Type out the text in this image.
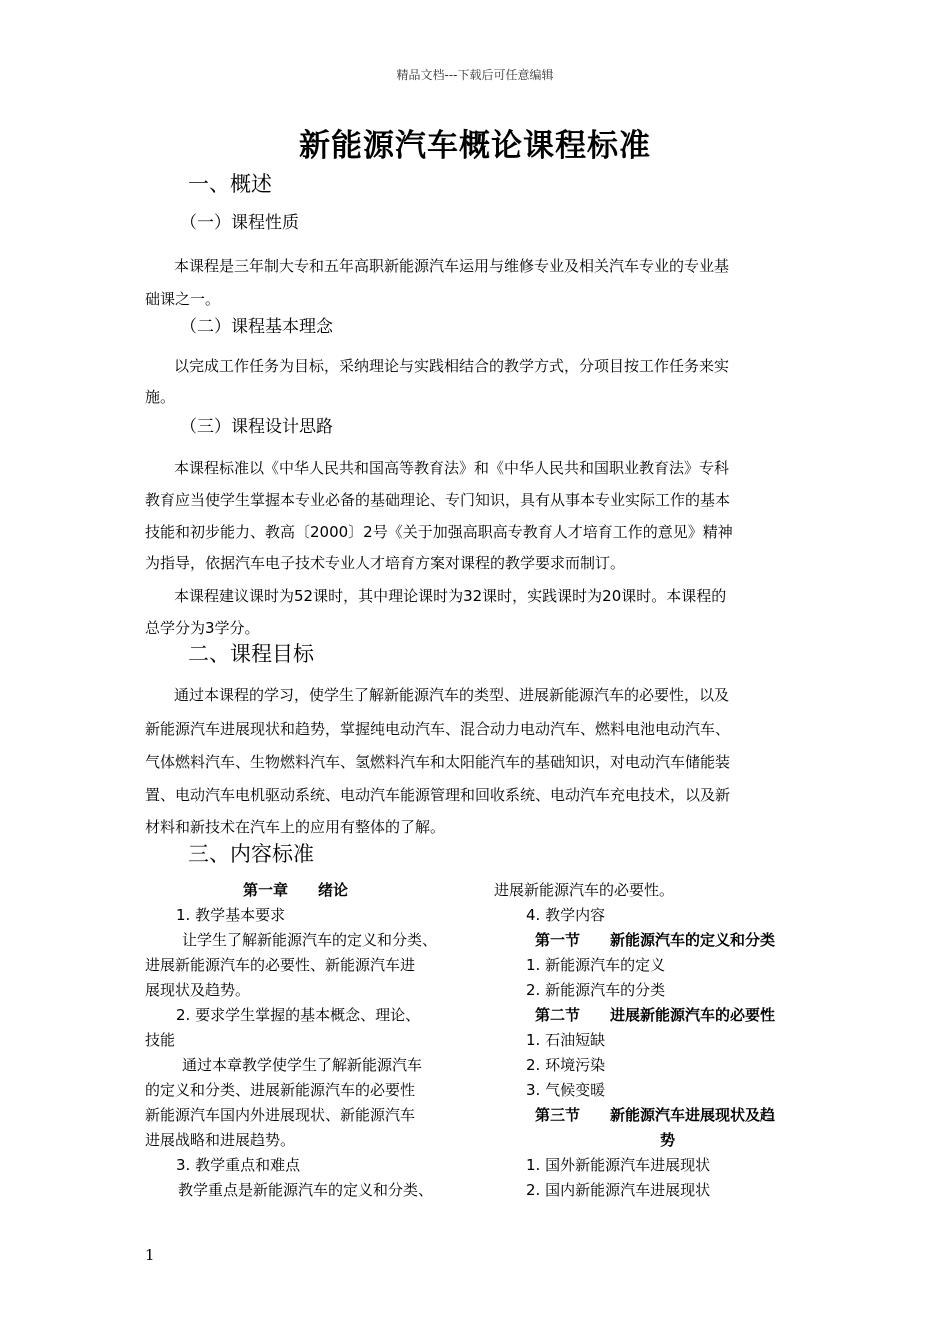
精品文档---下载后可任意编辑
新能源汽车概论课程标准
一、概述
（一）课程性质
本课程是三年制大专和五年高职新能源汽车运用与维修专业及相关汽车专业的专业基
础课之一。
（二）课程基本理念
以完成工作任务为目标，采纳理论与实践相结合的教学方式，分项目按工作任务来实
施。
（三）课程设计思路
本课程标准以《中华人民共和国高等教育法》和《中华人民共和国职业教育法》专科
教育应当使学生掌握本专业必备的基础理论、专门知识，具有从事本专业实际工作的基本
技能和初步能力、教高〔2000〕2号《关于加强高职高专教育人才培育工作的意见》精神
为指导，依据汽车电子技术专业人才培育方案对课程的教学要求而制订。
本课程建议课时为52课时，其中理论课时为32课时，实践课时为20课时。本课程的
总学分为3学分。
二、课程目标
通过本课程的学习，使学生了解新能源汽车的类型、进展新能源汽车的必要性，以及
新能源汽车进展现状和趋势，掌握纯电动汽车、混合动力电动汽车、燃料电池电动汽车、
气体燃料汽车、生物燃料汽车、氢燃料汽车和太阳能汽车的基础知识，对电动汽车储能装
置、电动汽车电机驱动系统、电动汽车能源管理和回收系统、电动汽车充电技术，以及新
材料和新技术在汽车上的应用有整体的了解。
三、内容标准
第一章　　绪论
1. 教学基本要求
让学生了解新能源汽车的定义和分类、
进展新能源汽车的必要性、新能源汽车进
展现状及趋势。
2. 要求学生掌握的基本概念、理论、
技能
通过本章教学使学生了解新能源汽车
的定义和分类、进展新能源汽车的必要性
新能源汽车国内外进展现状、新能源汽车
进展战略和进展趋势。
3. 教学重点和难点
教学重点是新能源汽车的定义和分类、
进展新能源汽车的必要性。
4. 教学内容
第一节　　新能源汽车的定义和分类
1. 新能源汽车的定义
2. 新能源汽车的分类
第二节　　进展新能源汽车的必要性
1. 石油短缺
2. 环境污染
3. 气候变暖
第三节　　新能源汽车进展现状及趋
势
1. 国外新能源汽车进展现状
2. 国内新能源汽车进展现状
1
